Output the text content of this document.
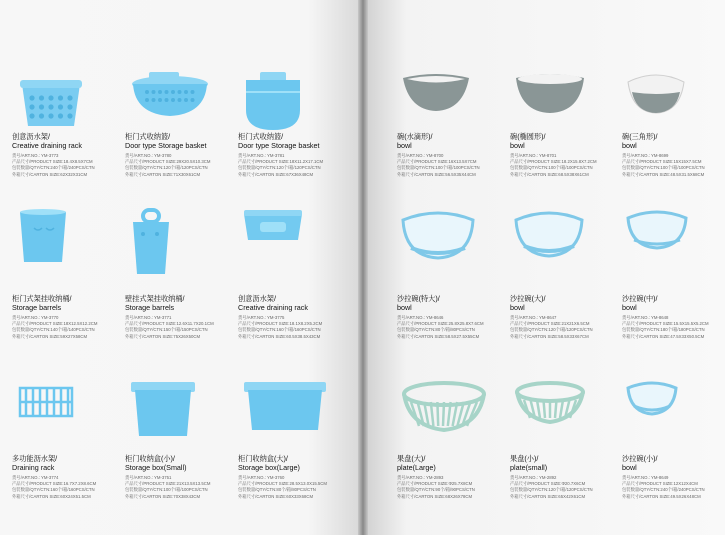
创意沥水架/
Creative draining rack
货号/ART.NO.: YM-3773
产品尺寸/PRODUCT SIZE:18.4X8.5X7CM
包装数量/QTY/CTN:240个/箱/240PCS/CTN
外箱尺寸/CARTON SIZE:62X32X31CM
柜门式收纳篮/
Door type Storage basket
货号/ART.NO.: YM-3780
产品尺寸/PRODUCT SIZE:29X20.5X10.3CM
包装数量/QTY/CTN:120个/箱/120PCS/CTN
外箱尺寸/CARTON SIZE:71X30X61CM
柜门式收纳篮/
Door type Storage basket
货号/ART.NO.: YM-3781
产品尺寸/PRODUCT SIZE:18X11.2X17.1CM
包装数量/QTY/CTN:120个/箱/120PCS/CTN
外箱尺寸/CARTON SIZE:67X36X48CM
柜门式架挂收纳桶/
Storage barrels
货号/ART.NO.: YM-3770
产品尺寸/PRODUCT SIZE:18X12.5X12.2CM
包装数量/QTY/CTN:140个/箱/140PCS/CTN
外箱尺寸/CARTON SIZE:59X27X58CM
壁挂式架挂收纳桶/
Storage barrels
货号/ART.NO.: YM-3771
产品尺寸/PRODUCT SIZE:12.6X11.7X20.1CM
包装数量/QTY/CTN:150个/箱/150PCS/CTN
外箱尺寸/CARTON SIZE:75X26X50CM
创意沥水架/
Creative draining rack
货号/ART.NO.: YM-3775
产品尺寸/PRODUCT SIZE:18.1X8.2X5.2CM
包装数量/QTY/CTN:160个/箱/160PCS/CTN
外箱尺寸/CARTON SIZE:60.5X38.5X43CM
多功能沥水架/
Draining rack
货号/ART.NO.: YM-3774
产品尺寸/PRODUCT SIZE:16.7X7.2X8.6CM
包装数量/QTY/CTN:160个/箱/160PCS/CTN
外箱尺寸/CARTON SIZE:60X24X51.5CM
柜门收纳盒(小)/
Storage box(Small)
货号/ART.NO.: YM-3751
产品尺寸/PRODUCT SIZE:21X13.5X13.5CM
包装数量/QTY/CTN:100个/箱/100PCS/CTN
外箱尺寸/CARTON SIZE:70X38X43CM
柜门收纳盒(大)/
Storage box(Large)
货号/ART.NO.: YM-3760
产品尺寸/PRODUCT SIZE:28.5X13.0X15.5CM
包装数量/QTY/CTN:80个/箱/80PCS/CTN
外箱尺寸/CARTON SIZE:60X33X68CM
碗(水滴形)/
bowl
货号/ART.NO.: YM-8700
产品尺寸/PRODUCT SIZE:16X13.5X7CM
包装数量/QTY/CTN:100个/箱/100PCS/CTN
外箱尺寸/CARTON SIZE:56.5X35X44CM
碗(椭圆形)/
bowl
货号/ART.NO.: YM-8701
产品尺寸/PRODUCT SIZE:18.2X15.8X7.2CM
包装数量/QTY/CTN:100个/箱/100PCS/CTN
外箱尺寸/CARTON SIZE:68.5X38X61CM
碗(三角形)/
bowl
货号/ART.NO.: YM-8699
产品尺寸/PRODUCT SIZE:15X15X7.5CM
包装数量/QTY/CTN:100个/箱/100PCS/CTN
外箱尺寸/CARTON SIZE:48.5X31.5X68CM
沙拉碗(特大)/
bowl
货号/ART.NO.: YM-8646
产品尺寸/PRODUCT SIZE:25.8X25.8X7.6CM
包装数量/QTY/CTN:80个/箱/80PCS/CTN
外箱尺寸/CARTON SIZE:58.5X27.5X55CM
沙拉碗(大)/
bowl
货号/ART.NO.: YM-8647
产品尺寸/PRODUCT SIZE:21X21X6.5CM
包装数量/QTY/CTN:120个/箱/120PCS/CTN
外箱尺寸/CARTON SIZE:58.5X33X67CM
沙拉碗(中)/
bowl
货号/ART.NO.: YM-8648
产品尺寸/PRODUCT SIZE:15.5X15.5X5.2CM
包装数量/QTY/CTN:180个/箱/180PCS/CTN
外箱尺寸/CARTON SIZE:47.5X33X50.5CM
果盘(大)/
plate(Large)
货号/ART.NO.: YM-2893
产品尺寸/PRODUCT SIZE:Φ25.7X8CM
包装数量/QTY/CTN:90个/箱/90PCS/CTN
外箱尺寸/CARTON SIZE:68X26X78CM
果盘(小)/
plate(small)
货号/ART.NO.: YM-2892
产品尺寸/PRODUCT SIZE:Φ20.7X6CM
包装数量/QTY/CTN:120个/箱/120PCS/CTN
外箱尺寸/CARTON SIZE:65X42X61CM
沙拉碗(小)/
bowl
货号/ART.NO.: YM-8649
产品尺寸/PRODUCT SIZE:12X12X4CM
包装数量/QTY/CTN:240个/箱/240PCS/CTN
外箱尺寸/CARTON SIZE:49.5X26X48CM
